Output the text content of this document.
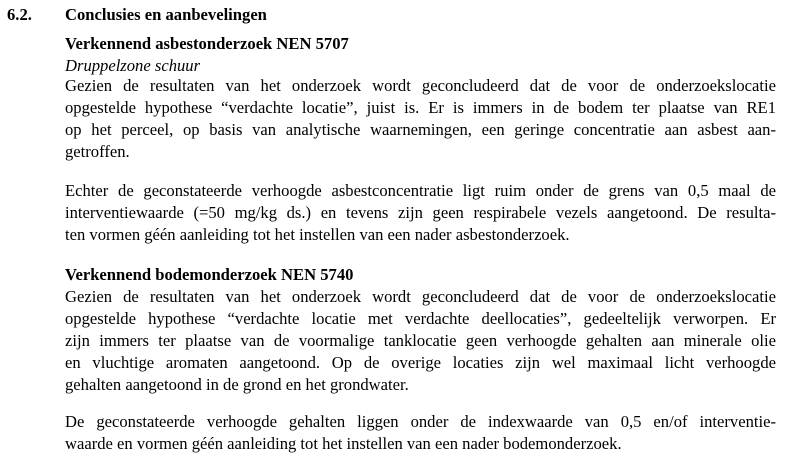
6.2. Conclusies en aanbevelingen
Verkennend asbestonderzoek NEN 5707
Druppelzone schuur
Gezien de resultaten van het onderzoek wordt geconcludeerd dat de voor de onderzoekslocatie
opgestelde hypothese “verdachte locatie”, juist is. Er is immers in de bodem ter plaatse van RE1
op het perceel, op basis van analytische waarnemingen, een geringe concentratie aan asbest aan-
getroffen.
Echter de geconstateerde verhoogde asbestconcentratie ligt ruim onder de grens van 0,5 maal de
interventiewaarde (=50 mg/kg ds.) en tevens zijn geen respirabele vezels aangetoond. De resulta-
ten vormen géén aanleiding tot het instellen van een nader asbestonderzoek.
Verkennend bodemonderzoek NEN 5740
Gezien de resultaten van het onderzoek wordt geconcludeerd dat de voor de onderzoekslocatie
opgestelde hypothese “verdachte locatie met verdachte deellocaties”, gedeeltelijk verworpen. Er
zijn immers ter plaatse van de voormalige tanklocatie geen verhoogde gehalten aan minerale olie
en vluchtige aromaten aangetoond. Op de overige locaties zijn wel maximaal licht verhoogde
gehalten aangetoond in de grond en het grondwater.
De geconstateerde verhoogde gehalten liggen onder de indexwaarde van 0,5 en/of interventie-
waarde en vormen géén aanleiding tot het instellen van een nader bodemonderzoek.
